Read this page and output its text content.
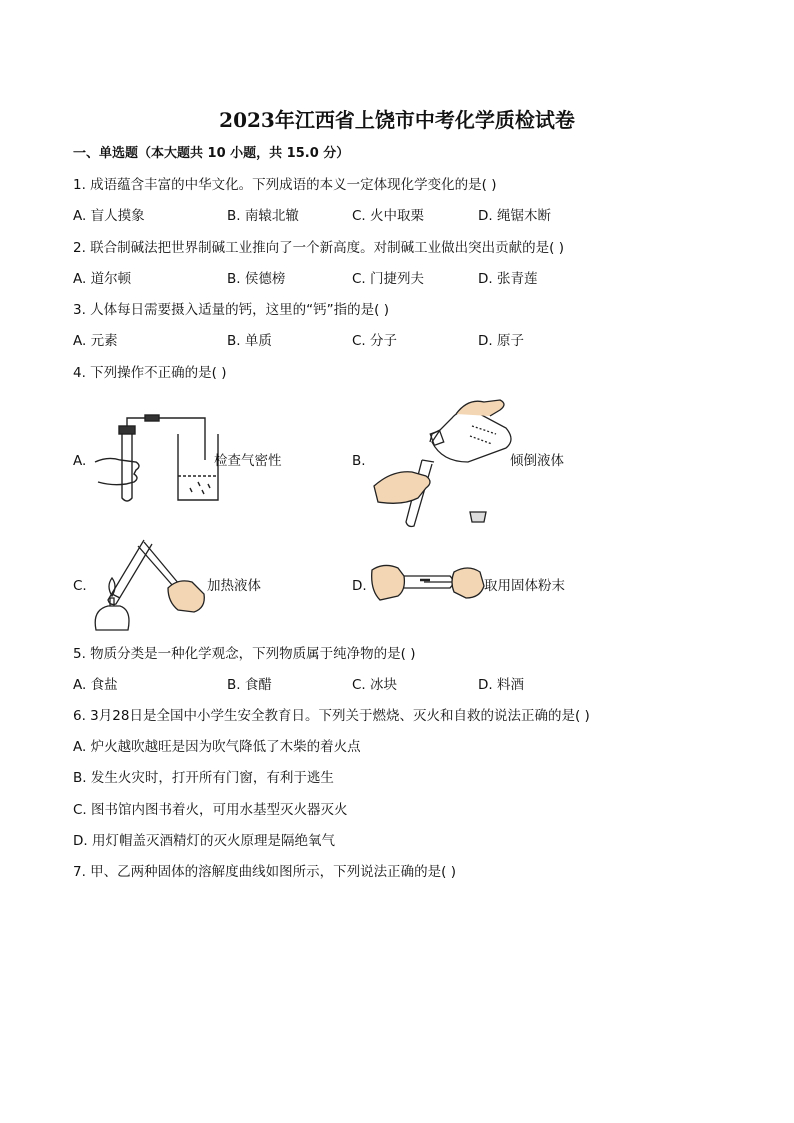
2023年江西省上饶市中考化学质检试卷
一、单选题（本大题共 10 小题，共 15.0 分）
1. 成语蕴含丰富的中华文化。下列成语的本义一定体现化学变化的是( )
A. 盲人摸象	B. 南辕北辙	C. 火中取栗	D. 绳锯木断
2. 联合制碱法把世界制碱工业推向了一个新高度。对制碱工业做出突出贡献的是( )
A. 道尔顿	B. 侯德榜	C. 门捷列夫	D. 张青莲
3. 人体每日需要摄入适量的钙，这里的“钙”指的是( )
A. 元素	B. 单质	C. 分子	D. 原子
4. 下列操作不正确的是( )
A.	检查气密性	B.	倾倒液体
C.	加热液体	D.	取用固体粉末
5. 物质分类是一种化学观念，下列物质属于纯净物的是( )
A. 食盐	B. 食醋	C. 冰块	D. 料酒
6. 3月28日是全国中小学生安全教育日。下列关于燃烧、灭火和自救的说法正确的是( )
A. 炉火越吹越旺是因为吹气降低了木柴的着火点
B. 发生火灾时，打开所有门窗，有利于逃生
C. 图书馆内图书着火，可用水基型灭火器灭火
D. 用灯帽盖灭酒精灯的灭火原理是隔绝氧气
7. 甲、乙两种固体的溶解度曲线如图所示，下列说法正确的是( )
